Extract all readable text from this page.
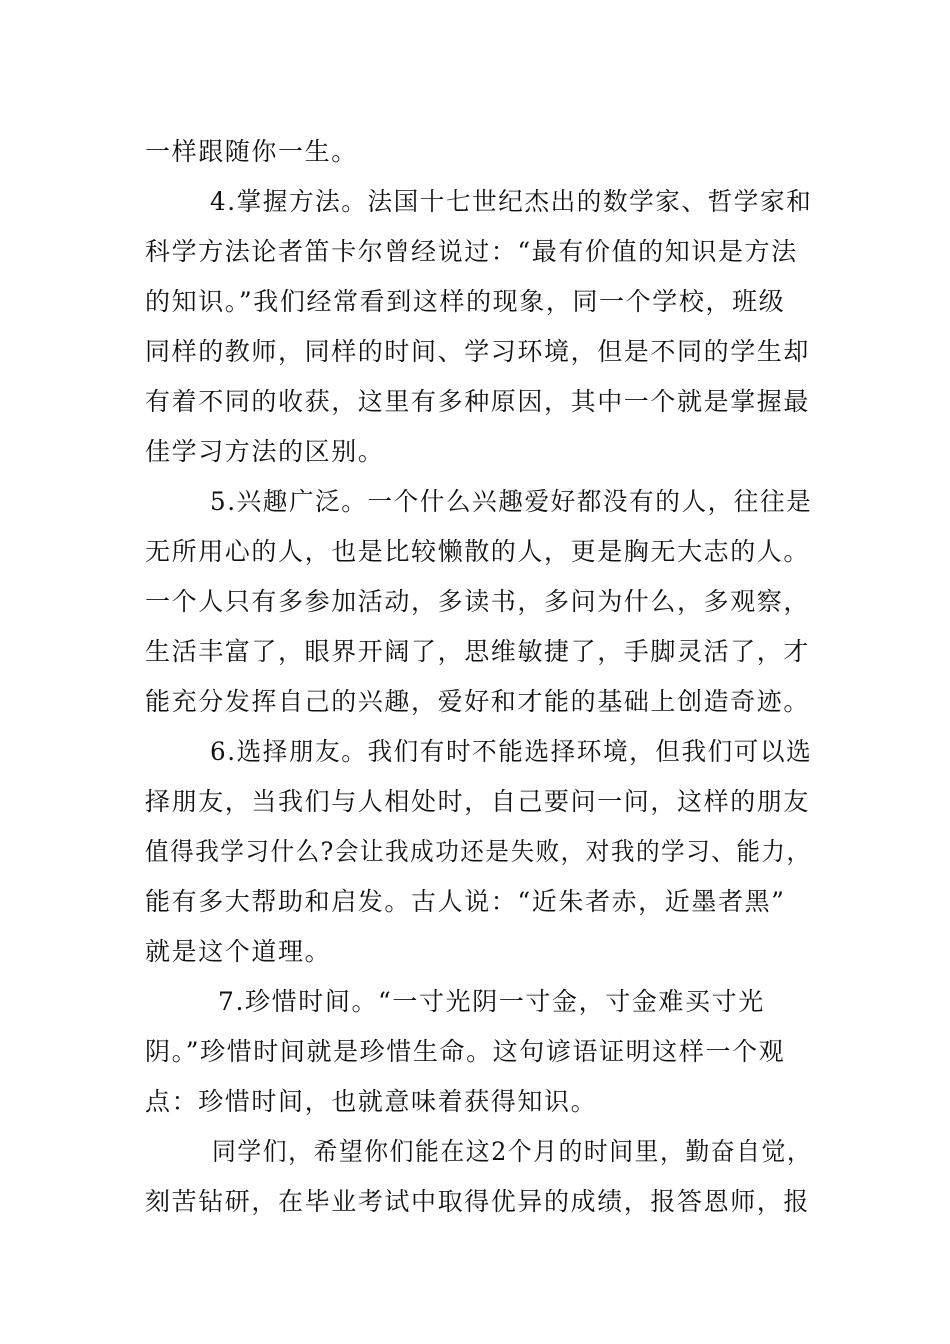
一样跟随你一生。
4.掌握方法。法国十七世纪杰出的数学家、哲学家和
科学方法论者笛卡尔曾经说过：“最有价值的知识是方法
的知识。”我们经常看到这样的现象，同一个学校，班级
同样的教师，同样的时间、学习环境，但是不同的学生却
有着不同的收获，这里有多种原因，其中一个就是掌握最
佳学习方法的区别。
5.兴趣广泛。一个什么兴趣爱好都没有的人，往往是
无所用心的人，也是比较懒散的人，更是胸无大志的人。
一个人只有多参加活动，多读书，多问为什么，多观察，
生活丰富了，眼界开阔了，思维敏捷了，手脚灵活了，才
能充分发挥自己的兴趣，爱好和才能的基础上创造奇迹。
6.选择朋友。我们有时不能选择环境，但我们可以选
择朋友，当我们与人相处时，自己要问一问，这样的朋友
值得我学习什么?会让我成功还是失败，对我的学习、能力，
能有多大帮助和启发。古人说：“近朱者赤，近墨者黑”
就是这个道理。
7.珍惜时间。“一寸光阴一寸金，寸金难买寸光
阴。”珍惜时间就是珍惜生命。这句谚语证明这样一个观
点：珍惜时间，也就意味着获得知识。
同学们，希望你们能在这2个月的时间里，勤奋自觉，
刻苦钻研，在毕业考试中取得优异的成绩，报答恩师，报
